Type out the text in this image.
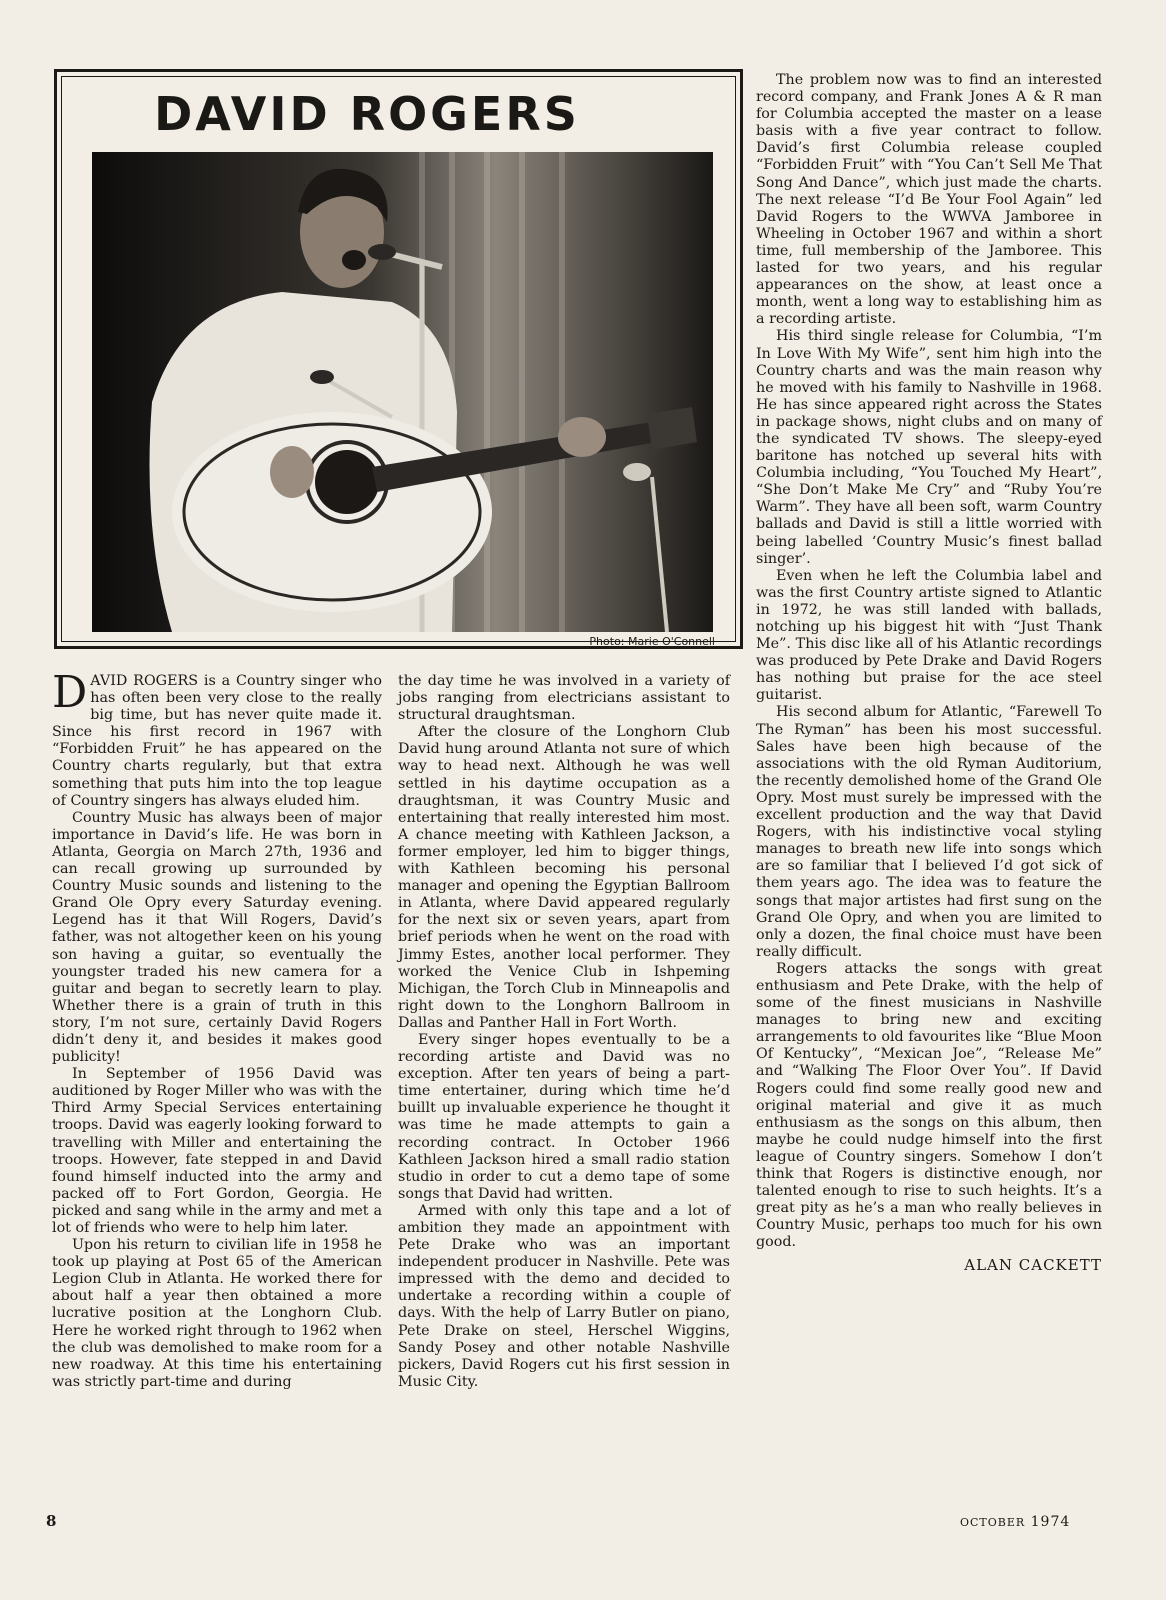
DAVID ROGERS
Photo: Marie O'Connell

DAVID ROGERS is a Country singer who has often been very close to the really big time, but has never quite made it. Since his first record in 1967 with “Forbidden Fruit” he has appeared on the Country charts regularly, but that extra something that puts him into the top league of Country singers has always eluded him.

Country Music has always been of major importance in David’s life. He was born in Atlanta, Georgia on March 27th, 1936 and can recall growing up surrounded by Country Music sounds and listening to the Grand Ole Opry every Saturday evening. Legend has it that Will Rogers, David’s father, was not altogether keen on his young son having a guitar, so eventually the youngster traded his new camera for a guitar and began to secretly learn to play. Whether there is a grain of truth in this story, I’m not sure, certainly David Rogers didn’t deny it, and besides it makes good publicity!

In September of 1956 David was auditioned by Roger Miller who was with the Third Army Special Services entertaining troops. David was eagerly looking forward to travelling with Miller and entertaining the troops. However, fate stepped in and David found himself inducted into the army and packed off to Fort Gordon, Georgia. He picked and sang while in the army and met a lot of friends who were to help him later.

Upon his return to civilian life in 1958 he took up playing at Post 65 of the American Legion Club in Atlanta. He worked there for about half a year then obtained a more lucrative position at the Longhorn Club. Here he worked right through to 1962 when the club was demolished to make room for a new roadway. At this time his entertaining was strictly part-time and during

the day time he was involved in a variety of jobs ranging from electricians assistant to structural draughtsman.

After the closure of the Longhorn Club David hung around Atlanta not sure of which way to head next. Although he was well settled in his daytime occupation as a draughtsman, it was Country Music and entertaining that really interested him most. A chance meeting with Kathleen Jackson, a former employer, led him to bigger things, with Kathleen becoming his personal manager and opening the Egyptian Ballroom in Atlanta, where David appeared regularly for the next six or seven years, apart from brief periods when he went on the road with Jimmy Estes, another local performer. They worked the Venice Club in Ishpeming Michigan, the Torch Club in Minneapolis and right down to the Longhorn Ballroom in Dallas and Panther Hall in Fort Worth.

Every singer hopes eventually to be a recording artiste and David was no exception. After ten years of being a part-time entertainer, during which time he’d buillt up invaluable experience he thought it was time he made attempts to gain a recording contract. In October 1966 Kathleen Jackson hired a small radio station studio in order to cut a demo tape of some songs that David had written.

Armed with only this tape and a lot of ambition they made an appointment with Pete Drake who was an important independent producer in Nashville. Pete was impressed with the demo and decided to undertake a recording within a couple of days. With the help of Larry Butler on piano, Pete Drake on steel, Herschel Wiggins, Sandy Posey and other notable Nashville pickers, David Rogers cut his first session in Music City.

The problem now was to find an interested record company, and Frank Jones A & R man for Columbia accepted the master on a lease basis with a five year contract to follow. David’s first Columbia release coupled “Forbidden Fruit” with “You Can’t Sell Me That Song And Dance”, which just made the charts. The next release “I’d Be Your Fool Again” led David Rogers to the WWVA Jamboree in Wheeling in October 1967 and within a short time, full membership of the Jamboree. This lasted for two years, and his regular appearances on the show, at least once a month, went a long way to establishing him as a recording artiste.

His third single release for Columbia, “I’m In Love With My Wife”, sent him high into the Country charts and was the main reason why he moved with his family to Nashville in 1968. He has since appeared right across the States in package shows, night clubs and on many of the syndicated TV shows. The sleepy-eyed baritone has notched up several hits with Columbia including, “You Touched My Heart”, “She Don’t Make Me Cry” and “Ruby You’re Warm”. They have all been soft, warm Country ballads and David is still a little worried with being labelled ‘Country Music’s finest ballad singer’.

Even when he left the Columbia label and was the first Country artiste signed to Atlantic in 1972, he was still landed with ballads, notching up his biggest hit with “Just Thank Me”. This disc like all of his Atlantic recordings was produced by Pete Drake and David Rogers has nothing but praise for the ace steel guitarist.

His second album for Atlantic, “Farewell To The Ryman” has been his most successful. Sales have been high because of the associations with the old Ryman Auditorium, the recently demolished home of the Grand Ole Opry. Most must surely be impressed with the excellent production and the way that David Rogers, with his indistinctive vocal styling manages to breath new life into songs which are so familiar that I believed I’d got sick of them years ago. The idea was to feature the songs that major artistes had first sung on the Grand Ole Opry, and when you are limited to only a dozen, the final choice must have been really difficult.

Rogers attacks the songs with great enthusiasm and Pete Drake, with the help of some of the finest musicians in Nashville manages to bring new and exciting arrangements to old favourites like “Blue Moon Of Kentucky”, “Mexican Joe”, “Release Me” and “Walking The Floor Over You”. If David Rogers could find some really good new and original material and give it as much enthusiasm as the songs on this album, then maybe he could nudge himself into the first league of Country singers. Somehow I don’t think that Rogers is distinctive enough, nor talented enough to rise to such heights. It’s a great pity as he’s a man who really believes in Country Music, perhaps too much for his own good.

ALAN CACKETT
8	OCTOBER 1974
